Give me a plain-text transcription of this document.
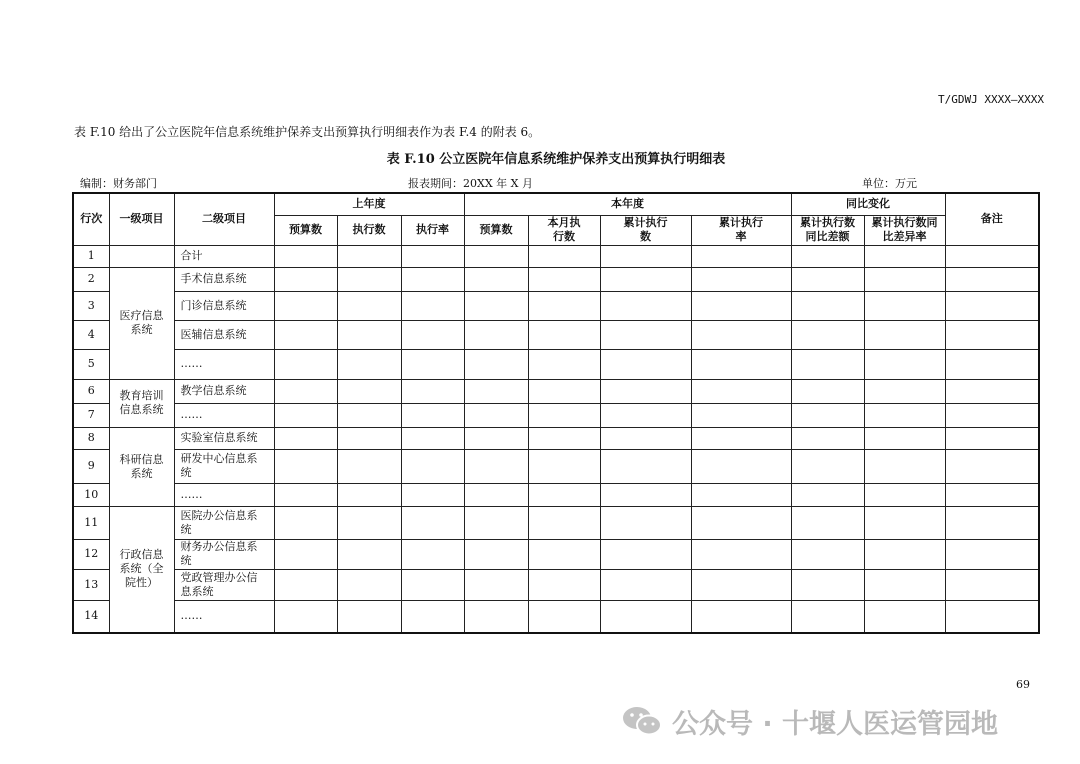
T/GDWJ XXXX—XXXX
表 F.10 给出了公立医院年信息系统维护保养支出预算执行明细表作为表 F.4 的附表 6。
表 F.10 公立医院年信息系统维护保养支出预算执行明细表
编制：财务部门	报表期间：20XX 年 X 月	单位：万元
行次	一级项目	二级项目	上年度			本年度				同比变化		备注
			预算数	执行数	执行率	预算数	本月执行数	累计执行数	累计执行率	累计执行数同比差额	累计执行数同比差异率	
1		合计										
2	医疗信息系统	手术信息系统										
3		门诊信息系统										
4		医辅信息系统										
5		……										
6	教育培训信息系统	教学信息系统										
7		……										
8	科研信息系统	实验室信息系统										
9		研发中心信息系统										
10		……										
11	行政信息系统（全院性）	医院办公信息系统										
12		财务办公信息系统										
13		党政管理办公信息系统										
14		……										
69
公众号 · 十堰人医运管园地
